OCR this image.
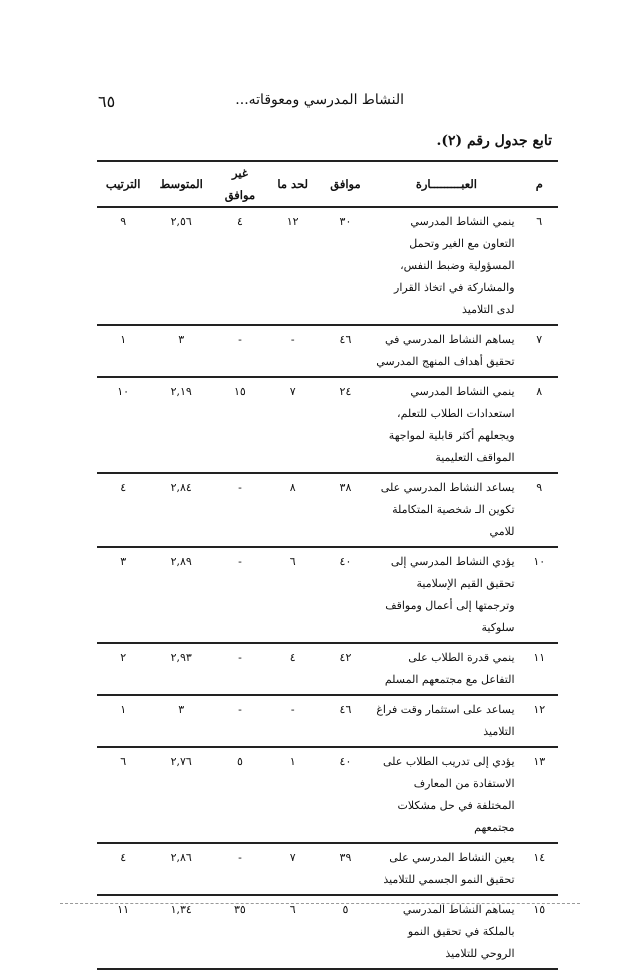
٦٥	النشاط المدرسي ومعوقاته...
تابع جدول رقم (٢).
م	العبـــــــــارة	موافق	لحد ما	غير موافق	المتوسط	الترتيب
٦	ينمي النشاط المدرسي التعاون مع الغير وتحمل المسؤولية وضبط النفس، والمشاركة في اتخاذ القرار لدى التلاميذ	٣٠	١٢	٤	٢,٥٦	٩
٧	يساهم النشاط المدرسي في تحقيق أهداف المنهج المدرسي	٤٦	-	-	٣	١
٨	ينمي النشاط المدرسي استعدادات الطلاب للتعلم، ويجعلهم أكثر قابلية لمواجهة المواقف التعليمية	٢٤	٧	١٥	٢,١٩	١٠
٩	يساعد النشاط المدرسي على تكوين الـ شخصية المتكاملة للامي	٣٨	٨	-	٢,٨٤	٤
١٠	يؤدي النشاط المدرسي إلى تحقيق القيم الإسلامية وترجمتها إلى أعمال ومواقف سلوكية	٤٠	٦	-	٢,٨٩	٣
١١	ينمي قدرة الطلاب على التفاعل مع مجتمعهم المسلم	٤٢	٤	-	٢,٩٣	٢
١٢	يساعد على استثمار وقت فراغ التلاميذ	٤٦	-	-	٣	١
١٣	يؤدي إلى تدريب الطلاب على الاستفادة من المعارف المختلفة في حل مشكلات مجتمعهم	٤٠	١	٥	٢,٧٦	٦
١٤	يعين النشاط المدرسي على تحقيق النمو الجسمي للتلاميذ	٣٩	٧	-	٢,٨٦	٤
١٥	يساهم النشاط المدرسي بالملكة في تحقيق النمو الروحي للتلاميذ	٥	٦	٣٥	١,٣٤	١١
